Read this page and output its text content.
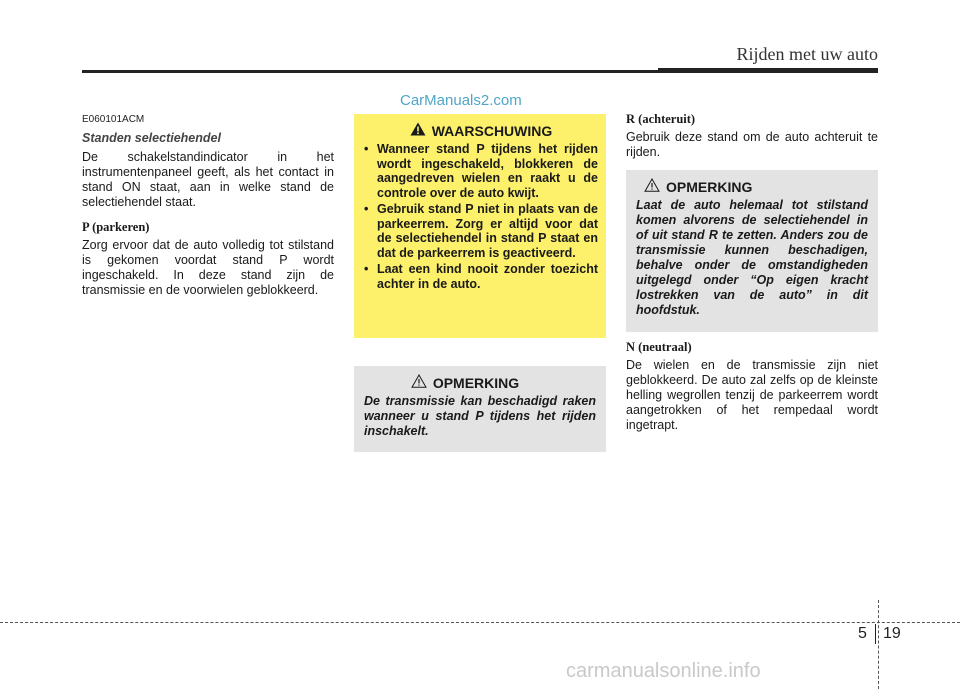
Rijden met uw auto
CarManuals2.com
carmanualsonline.info
E060101ACM
Standen selectiehendel

De schakelstandindicator in het instrumentenpaneel geeft, als het contact in stand ON staat, aan in welke stand de selectiehendel staat.

P (parkeren)

Zorg ervoor dat de auto volledig tot stilstand is gekomen voordat stand P wordt ingeschakeld. In deze stand zijn de transmissie en de voorwielen geblokkeerd.

WAARSCHUWING
• Wanneer stand P tijdens het rijden wordt ingeschakeld, blokkeren de aangedreven wielen en raakt u de controle over de auto kwijt.
• Gebruik stand P niet in plaats van de parkeerrem. Zorg er altijd voor dat de selectiehendel in stand P staat en dat de parkeerrem is geactiveerd.
• Laat een kind nooit zonder toezicht achter in de auto.
OPMERKING
De transmissie kan beschadigd raken wanneer u stand P tijdens het rijden inschakelt.
R (achteruit)

Gebruik deze stand om de auto achteruit te rijden.

OPMERKING
Laat de auto helemaal tot stilstand komen alvorens de selectiehendel in of uit stand R te zetten. Anders zou de transmissie kunnen beschadigen, behalve onder de omstandigheden uitgelegd onder “Op eigen kracht lostrekken van de auto” in dit hoofdstuk.
N (neutraal)

De wielen en de transmissie zijn niet geblokkeerd. De auto zal zelfs op de kleinste helling wegrollen tenzij de parkeerrem wordt aangetrokken of het rempedaal wordt ingetrapt.

5 19
